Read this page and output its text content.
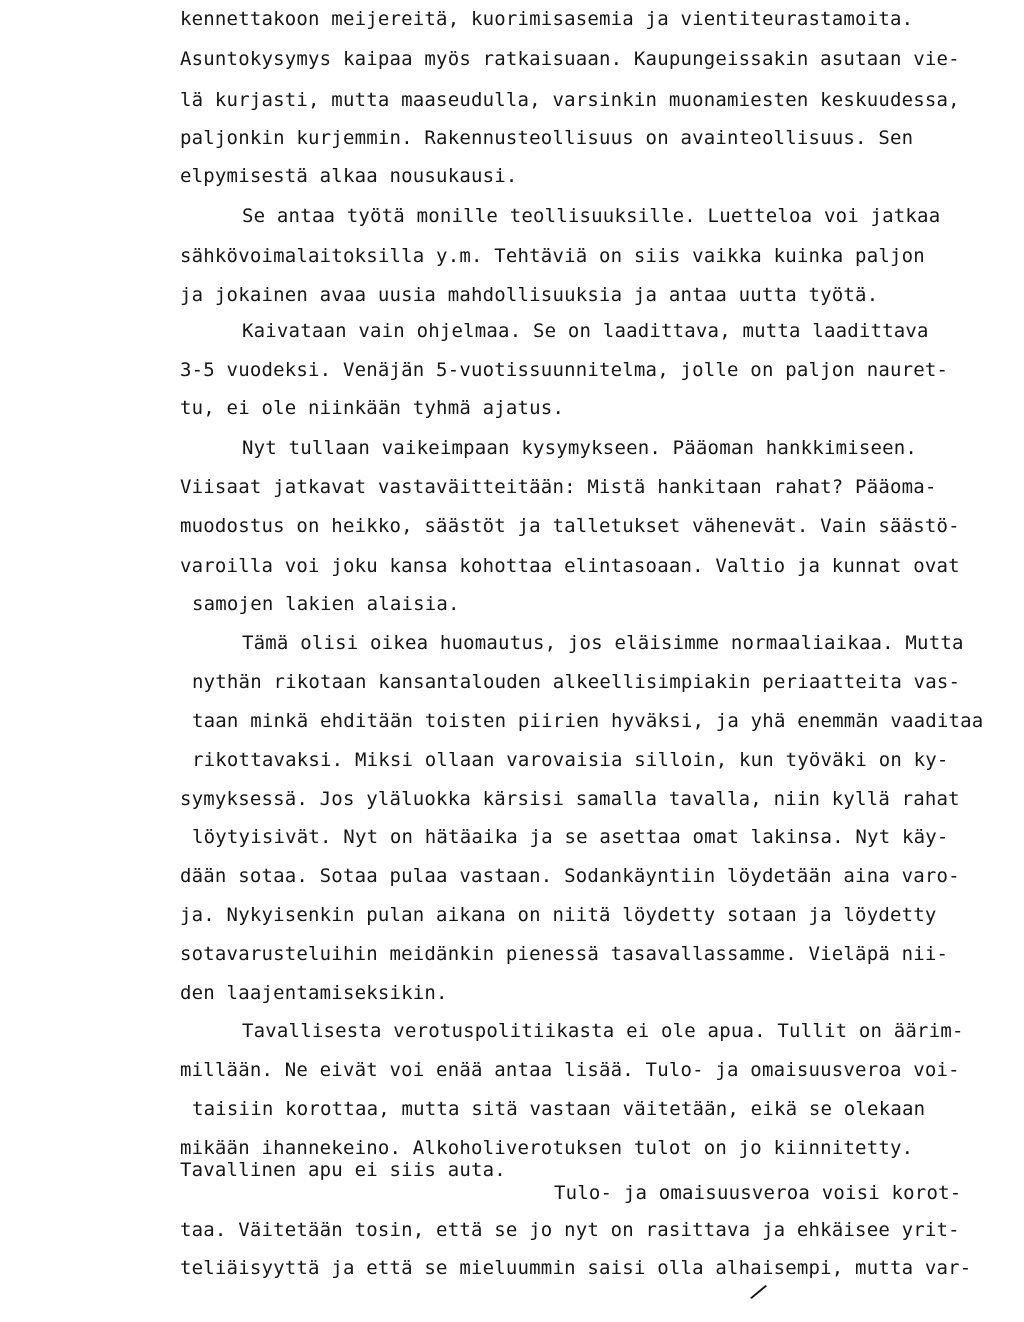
kennettakoon meijereitä, kuorimisasemia ja vientiteurastamoita.
Asuntokysymys kaipaa myös ratkaisuaan. Kaupungeissakin asutaan vie-
lä kurjasti, mutta maaseudulla, varsinkin muonamiesten keskuudessa,
paljonkin kurjemmin. Rakennusteollisuus on avainteollisuus. Sen
elpymisestä alkaa nousukausi.
Se antaa työtä monille teollisuuksille. Luetteloa voi jatkaa
sähkövoimalaitoksilla y.m. Tehtäviä on siis vaikka kuinka paljon
ja jokainen avaa uusia mahdollisuuksia ja antaa uutta työtä.
Kaivataan vain ohjelmaa. Se on laadittava, mutta laadittava
3-5 vuodeksi. Venäjän 5-vuotissuunnitelma, jolle on paljon nauret-
tu, ei ole niinkään tyhmä ajatus.
Nyt tullaan vaikeimpaan kysymykseen. Pääoman hankkimiseen.
Viisaat jatkavat vastaväitteitään: Mistä hankitaan rahat? Pääoma-
muodostus on heikko, säästöt ja talletukset vähenevät. Vain säästö-
varoilla voi joku kansa kohottaa elintasoaan. Valtio ja kunnat ovat
samojen lakien alaisia.
Tämä olisi oikea huomautus, jos eläisimme normaaliaikaa. Mutta
nythän rikotaan kansantalouden alkeellisimpiakin periaatteita vas-
taan minkä ehditään toisten piirien hyväksi, ja yhä enemmän vaaditaa
rikottavaksi. Miksi ollaan varovaisia silloin, kun työväki on ky-
symyksessä. Jos yläluokka kärsisi samalla tavalla, niin kyllä rahat
löytyisivät. Nyt on hätäaika ja se asettaa omat lakinsa. Nyt käy-
dään sotaa. Sotaa pulaa vastaan. Sodankäyntiin löydetään aina varo-
ja. Nykyisenkin pulan aikana on niitä löydetty sotaan ja löydetty
sotavarusteluihin meidänkin pienessä tasavallassamme. Vieläpä nii-
den laajentamiseksikin.
Tavallisesta verotuspolitiikasta ei ole apua. Tullit on äärim-
millään. Ne eivät voi enää antaa lisää. Tulo- ja omaisuusveroa voi-
taisiin korottaa, mutta sitä vastaan väitetään, eikä se olekaan
mikään ihannekeino. Alkoholiverotuksen tulot on jo kiinnitetty.
Tavallinen apu ei siis auta.
Tulo- ja omaisuusveroa voisi korot-
taa. Väitetään tosin, että se jo nyt on rasittava ja ehkäisee yrit-
teliäisyyttä ja että se mieluummin saisi olla alhaisempi, mutta var-
/
